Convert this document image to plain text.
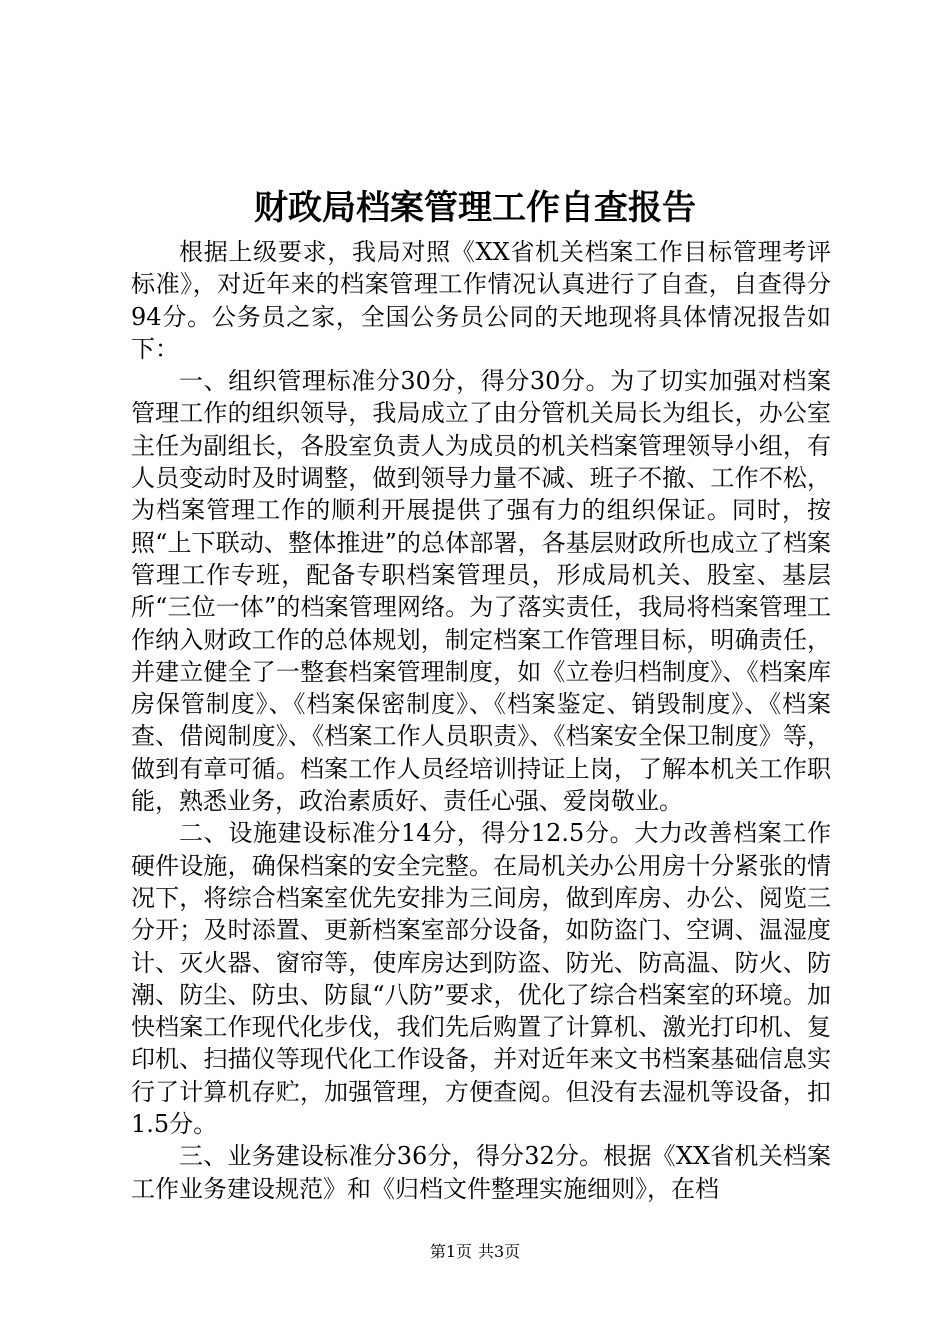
财政局档案管理工作自查报告

根据上级要求，我局对照《XX省机关档案工作目标管理考评标准》，对近年来的档案管理工作情况认真进行了自查，自查得分94分。公务员之家，全国公务员公同的天地现将具体情况报告如下：

一、组织管理标准分30分，得分30分。为了切实加强对档案管理工作的组织领导，我局成立了由分管机关局长为组长，办公室主任为副组长，各股室负责人为成员的机关档案管理领导小组，有人员变动时及时调整，做到领导力量不减、班子不撤、工作不松，为档案管理工作的顺利开展提供了强有力的组织保证。同时，按照“上下联动、整体推进”的总体部署，各基层财政所也成立了档案管理工作专班，配备专职档案管理员，形成局机关、股室、基层所“三位一体”的档案管理网络。为了落实责任，我局将档案管理工作纳入财政工作的总体规划，制定档案工作管理目标，明确责任，并建立健全了一整套档案管理制度，如《立卷归档制度》、《档案库房保管制度》、《档案保密制度》、《档案鉴定、销毁制度》、《档案查、借阅制度》、《档案工作人员职责》、《档案安全保卫制度》等，做到有章可循。档案工作人员经培训持证上岗，了解本机关工作职能，熟悉业务，政治素质好、责任心强、爱岗敬业。

二、设施建设标准分14分，得分12.5分。大力改善档案工作硬件设施，确保档案的安全完整。在局机关办公用房十分紧张的情况下，将综合档案室优先安排为三间房，做到库房、办公、阅览三分开；及时添置、更新档案室部分设备，如防盗门、空调、温湿度计、灭火器、窗帘等，使库房达到防盗、防光、防高温、防火、防潮、防尘、防虫、防鼠“八防”要求，优化了综合档案室的环境。加快档案工作现代化步伐，我们先后购置了计算机、激光打印机、复印机、扫描仪等现代化工作设备，并对近年来文书档案基础信息实行了计算机存贮，加强管理，方便查阅。但没有去湿机等设备，扣1.5分。

三、业务建设标准分36分，得分32分。根据《XX省机关档案工作业务建设规范》和《归档文件整理实施细则》，在档

第1页 共3页
